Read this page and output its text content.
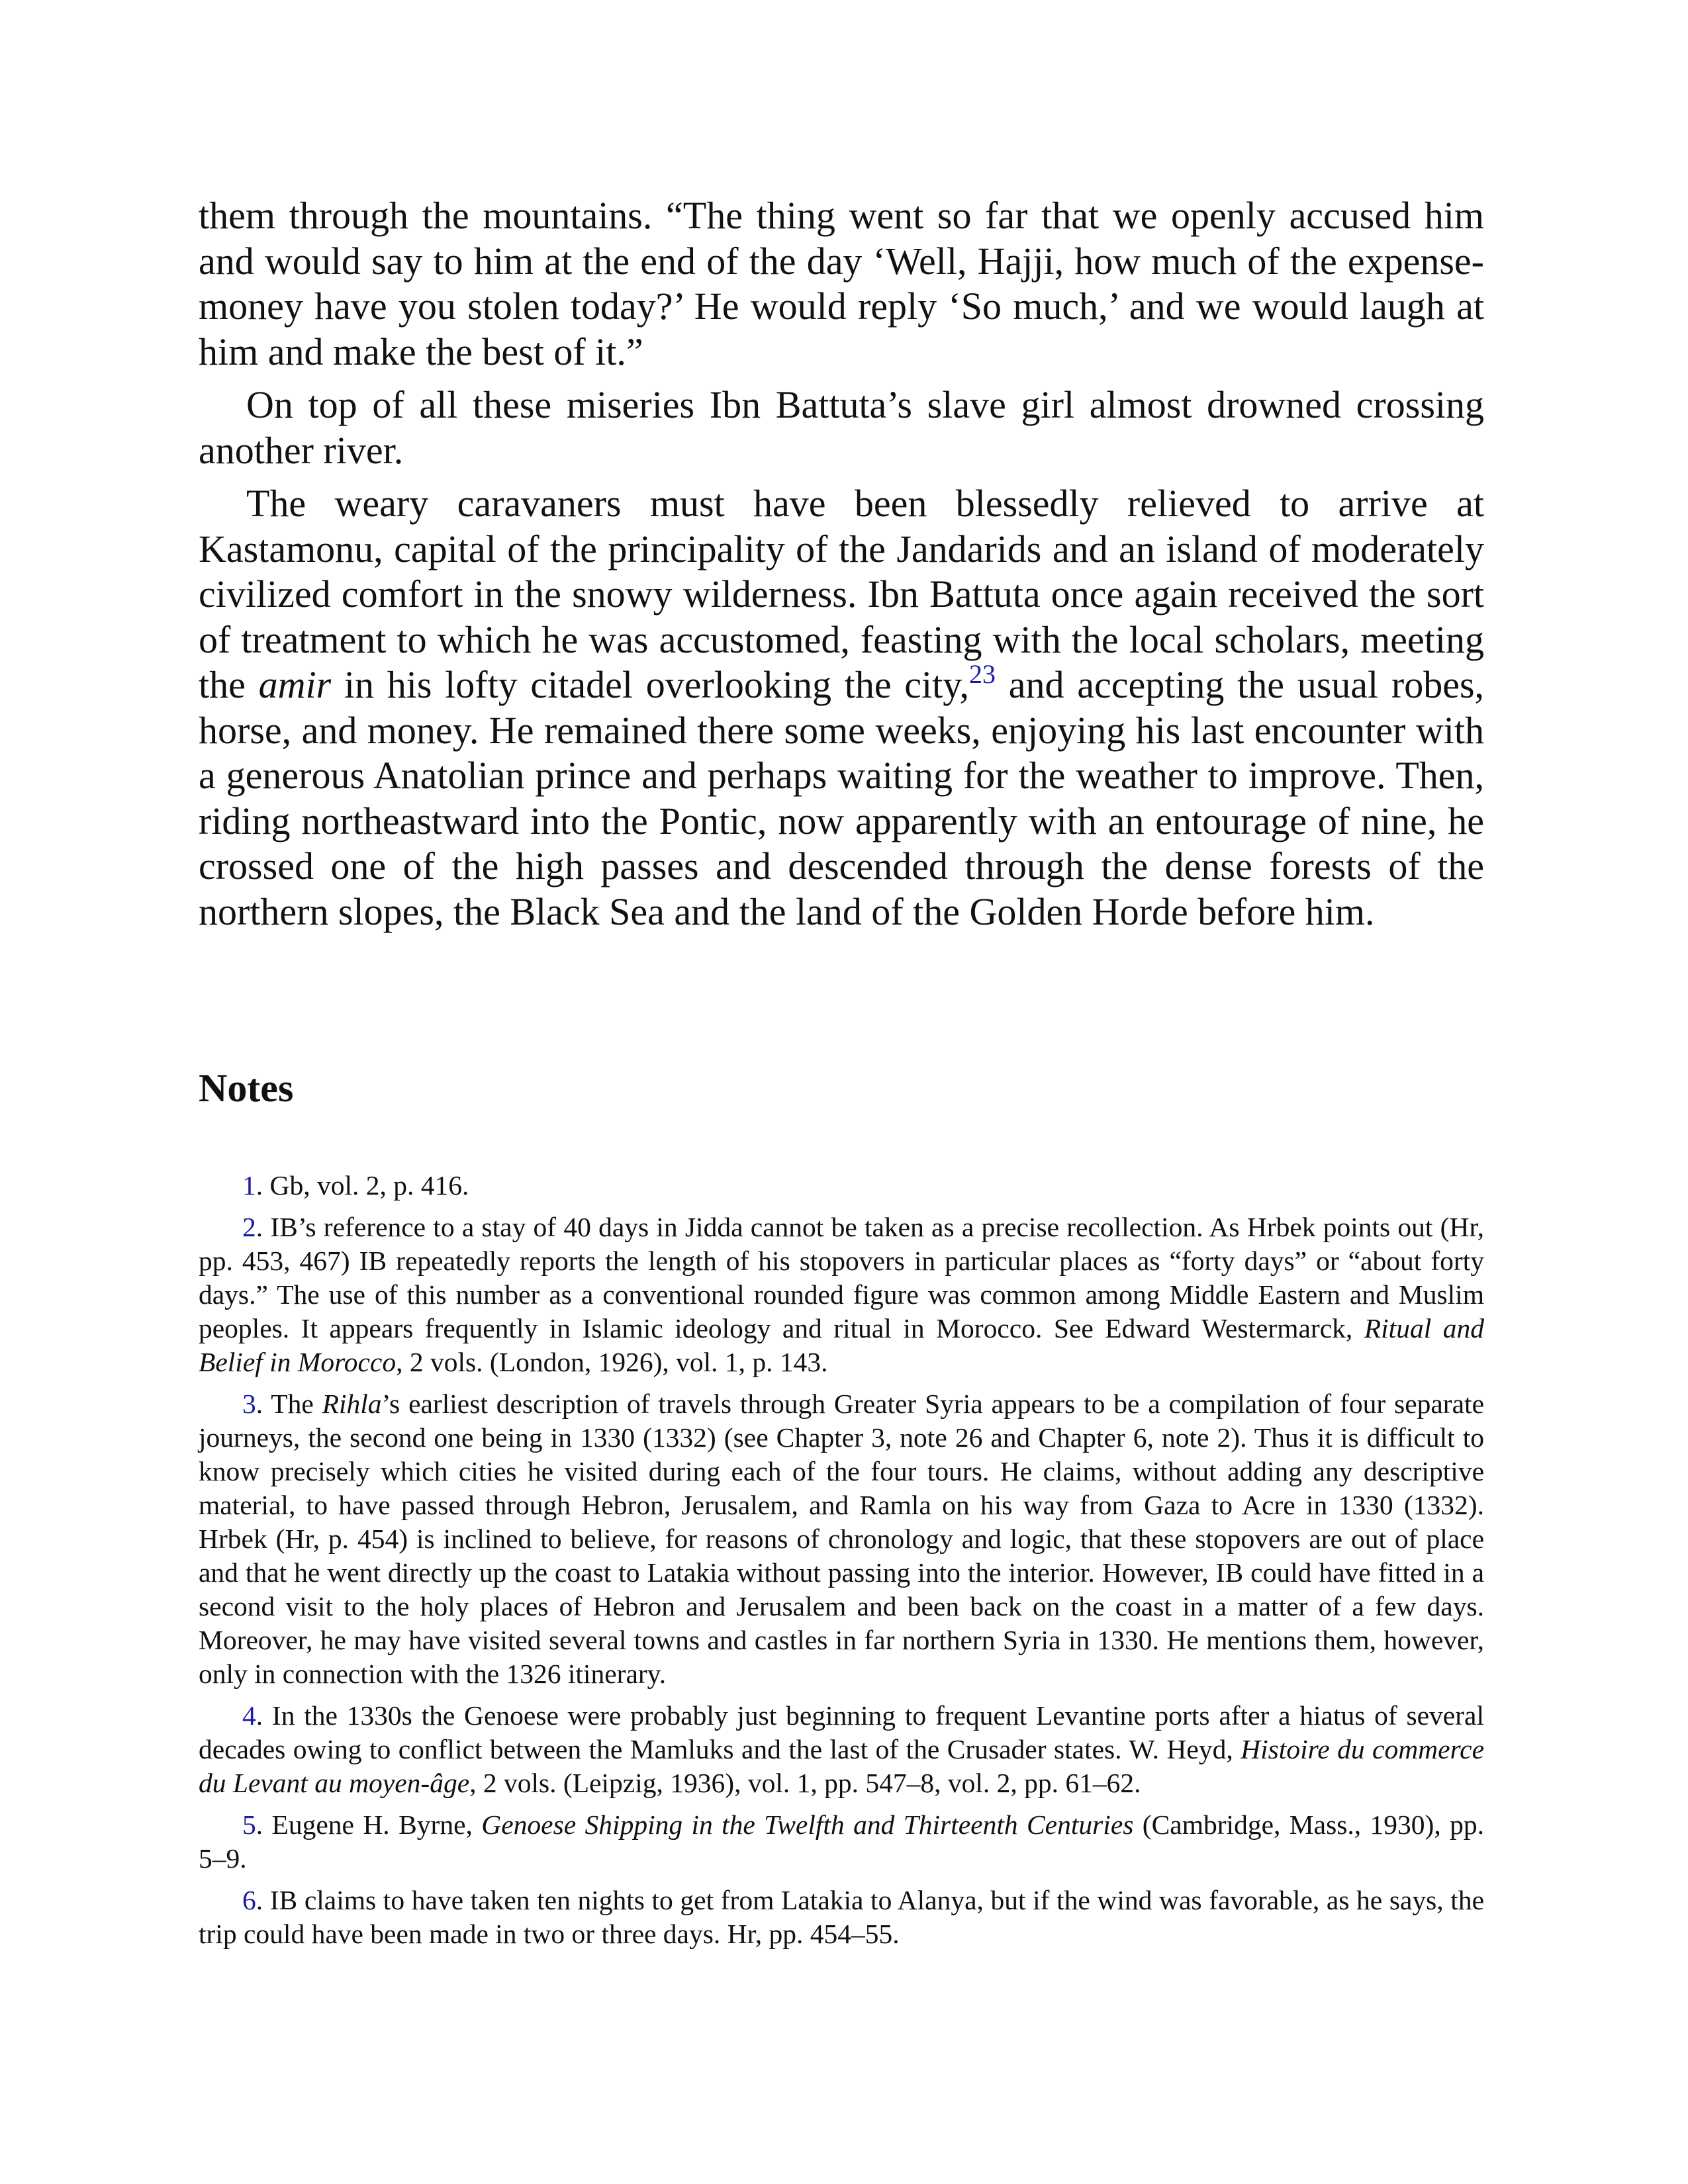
them through the mountains. “The thing went so far that we openly accused him and would say to him at the end of the day ‘Well, Hajji, how much of the expense-money have you stolen today?’ He would reply ‘So much,’ and we would laugh at him and make the best of it.”

On top of all these miseries Ibn Battuta’s slave girl almost drowned crossing another river.

The weary caravaners must have been blessedly relieved to arrive at Kastamonu, capital of the principality of the Jandarids and an island of moderately civilized comfort in the snowy wilderness. Ibn Battuta once again received the sort of treatment to which he was accustomed, feasting with the local scholars, meeting the amir in his lofty citadel overlooking the city,$^{23}$ and accepting the usual robes, horse, and money. He remained there some weeks, enjoying his last encounter with a generous Anatolian prince and perhaps waiting for the weather to improve. Then, riding northeastward into the Pontic, now apparently with an entourage of nine, he crossed one of the high passes and descended through the dense forests of the northern slopes, the Black Sea and the land of the Golden Horde before him.

Notes

1. Gb, vol. 2, p. 416.

2. IB’s reference to a stay of 40 days in Jidda cannot be taken as a precise recollection. As Hrbek points out (Hr, pp. 453, 467) IB repeatedly reports the length of his stopovers in particular places as “forty days” or “about forty days.” The use of this number as a conventional rounded figure was common among Middle Eastern and Muslim peoples. It appears frequently in Islamic ideology and ritual in Morocco. See Edward Westermarck, Ritual and Belief in Morocco, 2 vols. (London, 1926), vol. 1, p. 143.

3. The Rihla’s earliest description of travels through Greater Syria appears to be a compilation of four separate journeys, the second one being in 1330 (1332) (see Chapter 3, note 26 and Chapter 6, note 2). Thus it is difficult to know precisely which cities he visited during each of the four tours. He claims, without adding any descriptive material, to have passed through Hebron, Jerusalem, and Ramla on his way from Gaza to Acre in 1330 (1332). Hrbek (Hr, p. 454) is inclined to believe, for reasons of chronology and logic, that these stopovers are out of place and that he went directly up the coast to Latakia without passing into the interior. However, IB could have fitted in a second visit to the holy places of Hebron and Jerusalem and been back on the coast in a matter of a few days. Moreover, he may have visited several towns and castles in far northern Syria in 1330. He mentions them, however, only in connection with the 1326 itinerary.

4. In the 1330s the Genoese were probably just beginning to frequent Levantine ports after a hiatus of several decades owing to conflict between the Mamluks and the last of the Crusader states. W. Heyd, Histoire du commerce du Levant au moyen-âge, 2 vols. (Leipzig, 1936), vol. 1, pp. 547–8, vol. 2, pp. 61–62.

5. Eugene H. Byrne, Genoese Shipping in the Twelfth and Thirteenth Centuries (Cambridge, Mass., 1930), pp. 5–9.

6. IB claims to have taken ten nights to get from Latakia to Alanya, but if the wind was favorable, as he says, the trip could have been made in two or three days. Hr, pp. 454–55.
